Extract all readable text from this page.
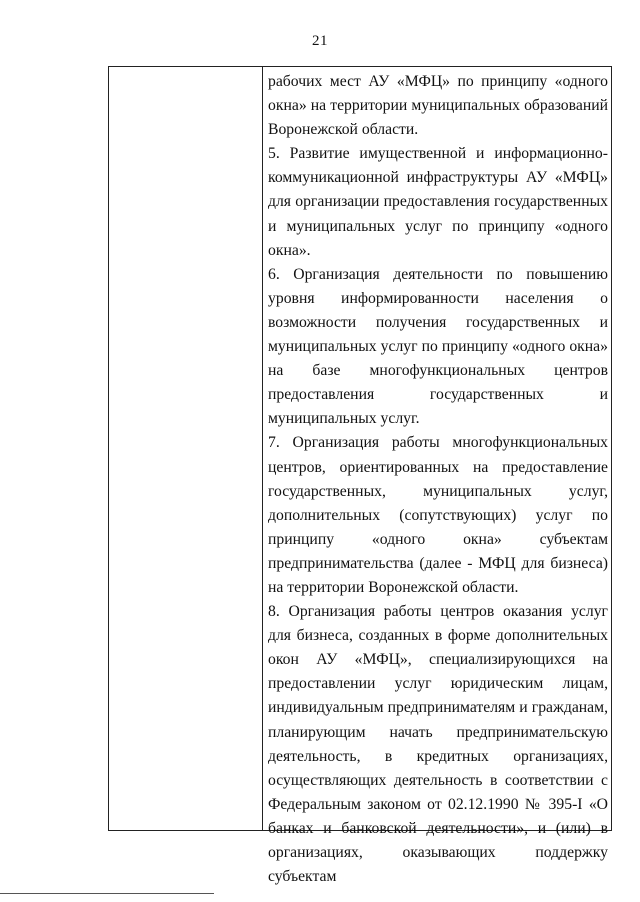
21

рабочих мест АУ «МФЦ» по принципу «одного окна» на территории муниципальных образований Воронежской области.

5. Развитие имущественной и информационно-коммуникационной инфраструктуры АУ «МФЦ» для организации предоставления государственных и муниципальных услуг по принципу «одного окна».

6. Организация деятельности по повышению уровня информированности населения о возможности получения государственных и муниципальных услуг по принципу «одного окна» на базе многофункциональных центров предоставления государственных и муниципальных услуг.

7. Организация работы многофункциональных центров, ориентированных на предоставление государственных, муниципальных услуг, дополнительных (сопутствующих) услуг по принципу «одного окна» субъектам предпринимательства (далее - МФЦ для бизнеса) на территории Воронежской области.

8. Организация работы центров оказания услуг для бизнеса, созданных в форме дополнительных окон АУ «МФЦ», специализирующихся на предоставлении услуг юридическим лицам, индивидуальным предпринимателям и гражданам, планирующим начать предпринимательскую деятельность, в кредитных организациях, осуществляющих деятельность в соответствии с Федеральным законом от 02.12.1990 № 395-I «О банках и банковской деятельности», и (или) в организациях, оказывающих поддержку субъектам
